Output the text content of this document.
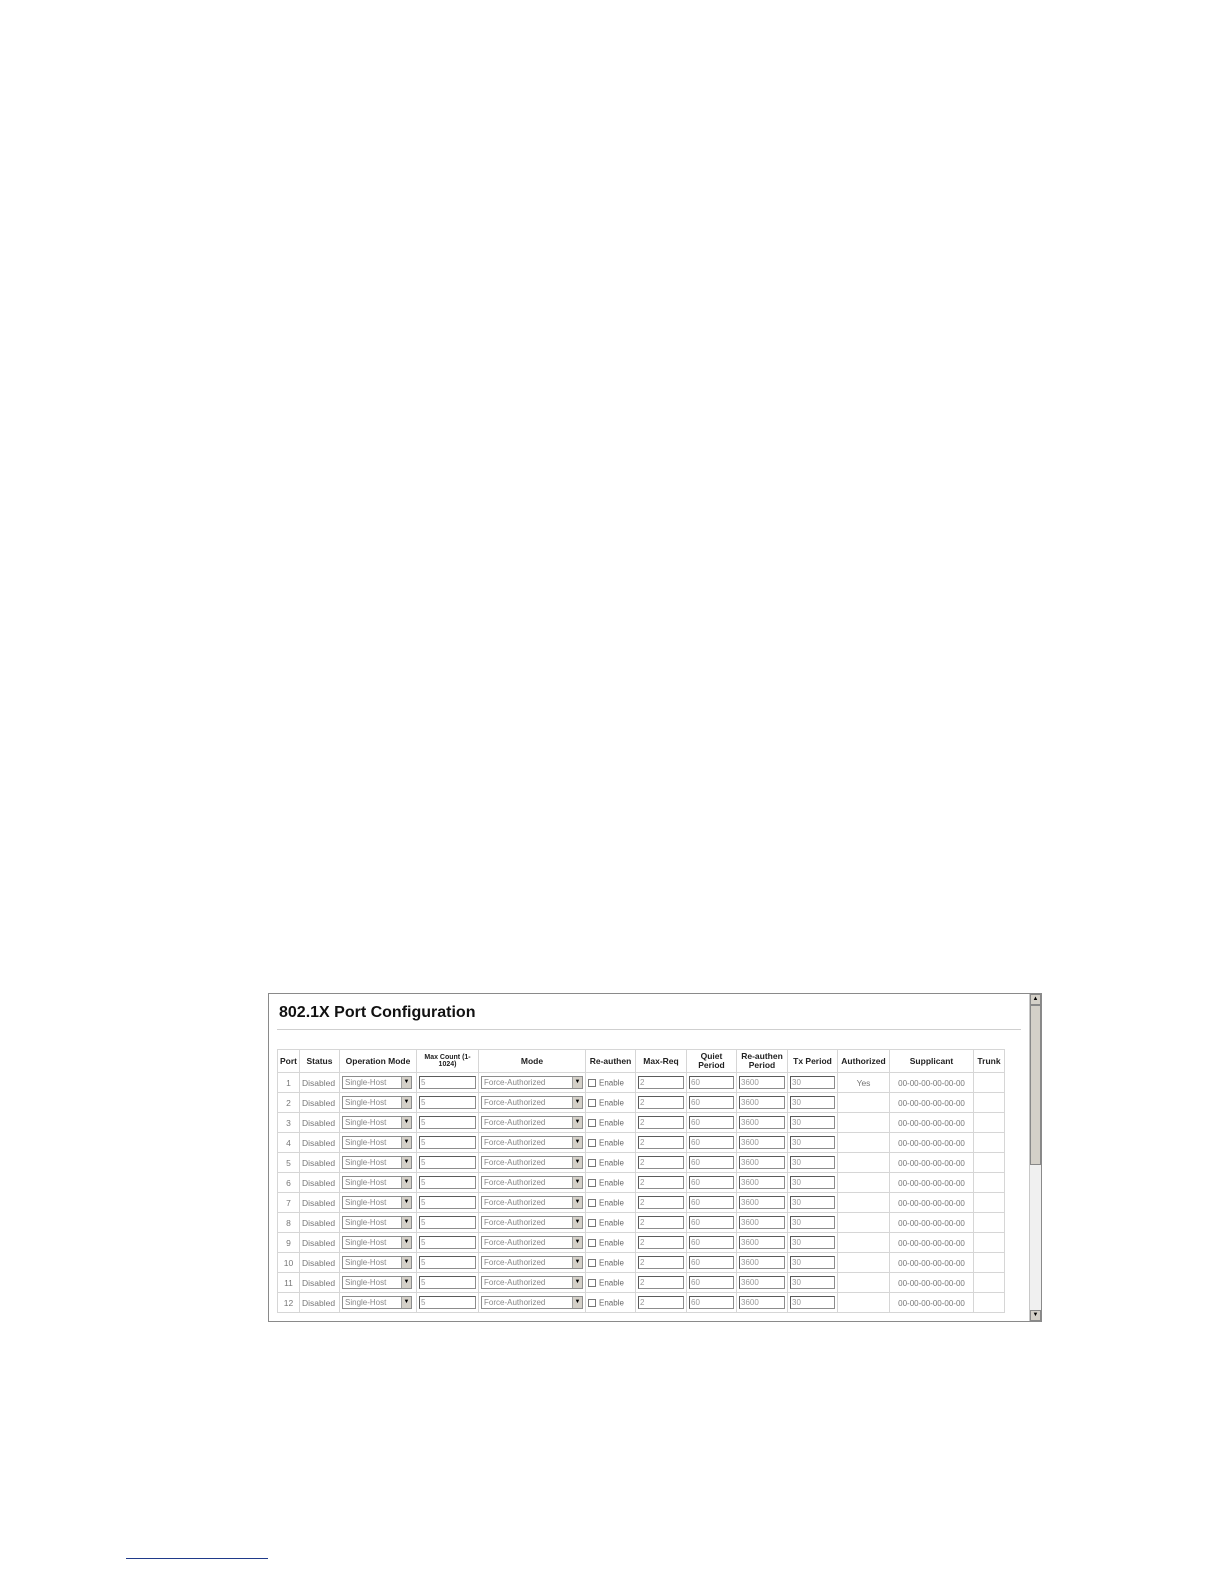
802.1X Port Configuration
Port	Status	Operation Mode	Max Count (1-1024)	Mode	Re-authen	Max-Req	Quiet Period	Re-authen Period	Tx Period	Authorized	Supplicant	Trunk
1	Disabled	Single-Host ▼	5	Force-Authorized ▼	Enable	2	60	3600	30	Yes	00-00-00-00-00-00	
2	Disabled	Single-Host ▼	5	Force-Authorized ▼	Enable	2	60	3600	30		00-00-00-00-00-00	
3	Disabled	Single-Host ▼	5	Force-Authorized ▼	Enable	2	60	3600	30		00-00-00-00-00-00	
4	Disabled	Single-Host ▼	5	Force-Authorized ▼	Enable	2	60	3600	30		00-00-00-00-00-00	
5	Disabled	Single-Host ▼	5	Force-Authorized ▼	Enable	2	60	3600	30		00-00-00-00-00-00	
6	Disabled	Single-Host ▼	5	Force-Authorized ▼	Enable	2	60	3600	30		00-00-00-00-00-00	
7	Disabled	Single-Host ▼	5	Force-Authorized ▼	Enable	2	60	3600	30		00-00-00-00-00-00	
8	Disabled	Single-Host ▼	5	Force-Authorized ▼	Enable	2	60	3600	30		00-00-00-00-00-00	
9	Disabled	Single-Host ▼	5	Force-Authorized ▼	Enable	2	60	3600	30		00-00-00-00-00-00	
10	Disabled	Single-Host ▼	5	Force-Authorized ▼	Enable	2	60	3600	30		00-00-00-00-00-00	
11	Disabled	Single-Host ▼	5	Force-Authorized ▼	Enable	2	60	3600	30		00-00-00-00-00-00	
12	Disabled	Single-Host ▼	5	Force-Authorized ▼	Enable	2	60	3600	30		00-00-00-00-00-00	
▲
▼
